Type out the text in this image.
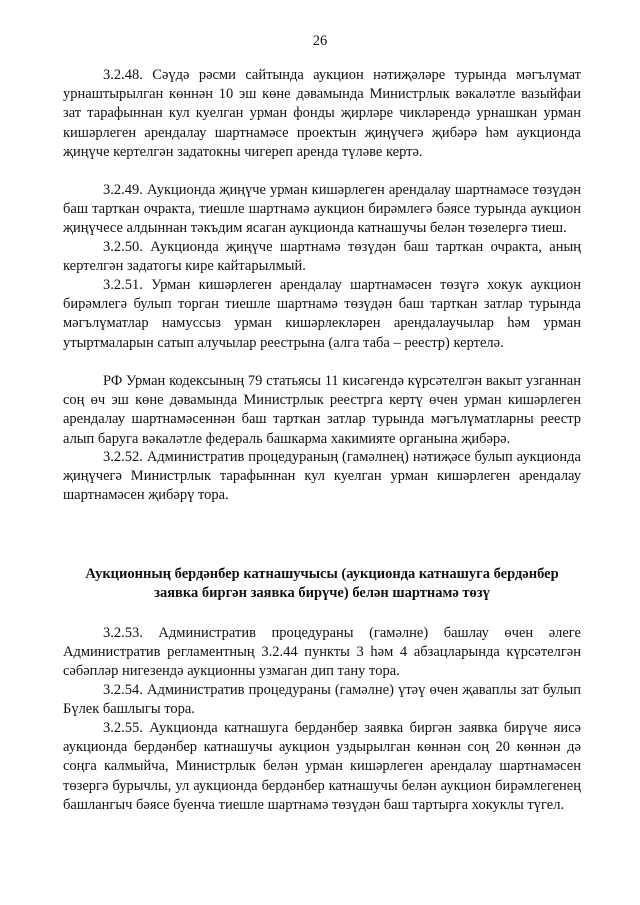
26

3.2.48. Сәүдә рәсми сайтында аукцион нәтиҗәләре турында мәгълүмат урнаштырылган көннән 10 эш көне дәвамында Министрлык вәкаләтле вазыйфаи зат тарафыннан кул куелган урман фонды җирләре чикләрендә урнашкан урман кишәрлеген арендалау шартнамәсе проектын җиңүчегә җибәрә һәм аукционда җиңүче кертелгән задатокны чигереп аренда түләве кертә.

3.2.49. Аукционда җиңүче урман кишәрлеген арендалау шартнамәсе төзүдән баш тарткан очракта, тиешле шартнамә аукцион бирәмлегә бәясе турында аукцион җиңүчесе алдыннан тәкъдим ясаган аукционда катнашучы белән төзелергә тиеш.

3.2.50. Аукционда җиңүче шартнамә төзүдән баш тарткан очракта, аның кертелгән задатогы кире кайтарылмый.

3.2.51. Урман кишәрлеген арендалау шартнамәсен төзүгә хокук аукцион бирәмлегә булып торган тиешле шартнамә төзүдән баш тарткан затлар турында мәгълүматлар намуссыз урман кишәрлекләрен арендалаучылар һәм урман утыртмаларын сатып алучылар реестрына (алга таба – реестр) кертелә.

РФ Урман кодексының 79 статьясы 11 кисәгендә күрсәтелгән вакыт узганнан соң өч эш көне дәвамында Министрлык реестрга кертү өчен урман кишәрлеген арендалау шартнамәсеннән баш тарткан затлар турында мәгълүматларны реестр алып баруга вәкаләтле федераль башкарма хакимияте органына җибәрә.

3.2.52. Административ процедураның (гамәлнең) нәтиҗәсе булып аукционда җиңүчегә Министрлык тарафыннан кул куелган урман кишәрлеген арендалау шартнамәсен җибәрү тора.

Аукционның бердәнбер катнашучысы (аукционда катнашуга бердәнбер заявка биргән заявка бирүче) белән шартнамә төзү

3.2.53. Административ процедураны (гамәлне) башлау өчен әлеге Административ регламентның 3.2.44 пункты 3 һәм 4 абзацларында күрсәтелгән сәбәпләр нигезендә аукционны узмаган дип тану тора.

3.2.54. Административ процедураны (гамәлне) үтәү өчен җаваплы зат булып Бүлек башлыгы тора.

3.2.55. Аукционда катнашуга бердәнбер заявка биргән заявка бирүче яисә аукционда бердәнбер катнашучы аукцион уздырылган көннән соң 20 көннән дә соңга калмыйча, Министрлык белән урман кишәрлеген арендалау шартнамәсен төзергә бурычлы, ул аукционда бердәнбер катнашучы белән аукцион бирәмлегенең башлангыч бәясе буенча тиешле шартнамә төзүдән баш тартырга хокуклы түгел.
